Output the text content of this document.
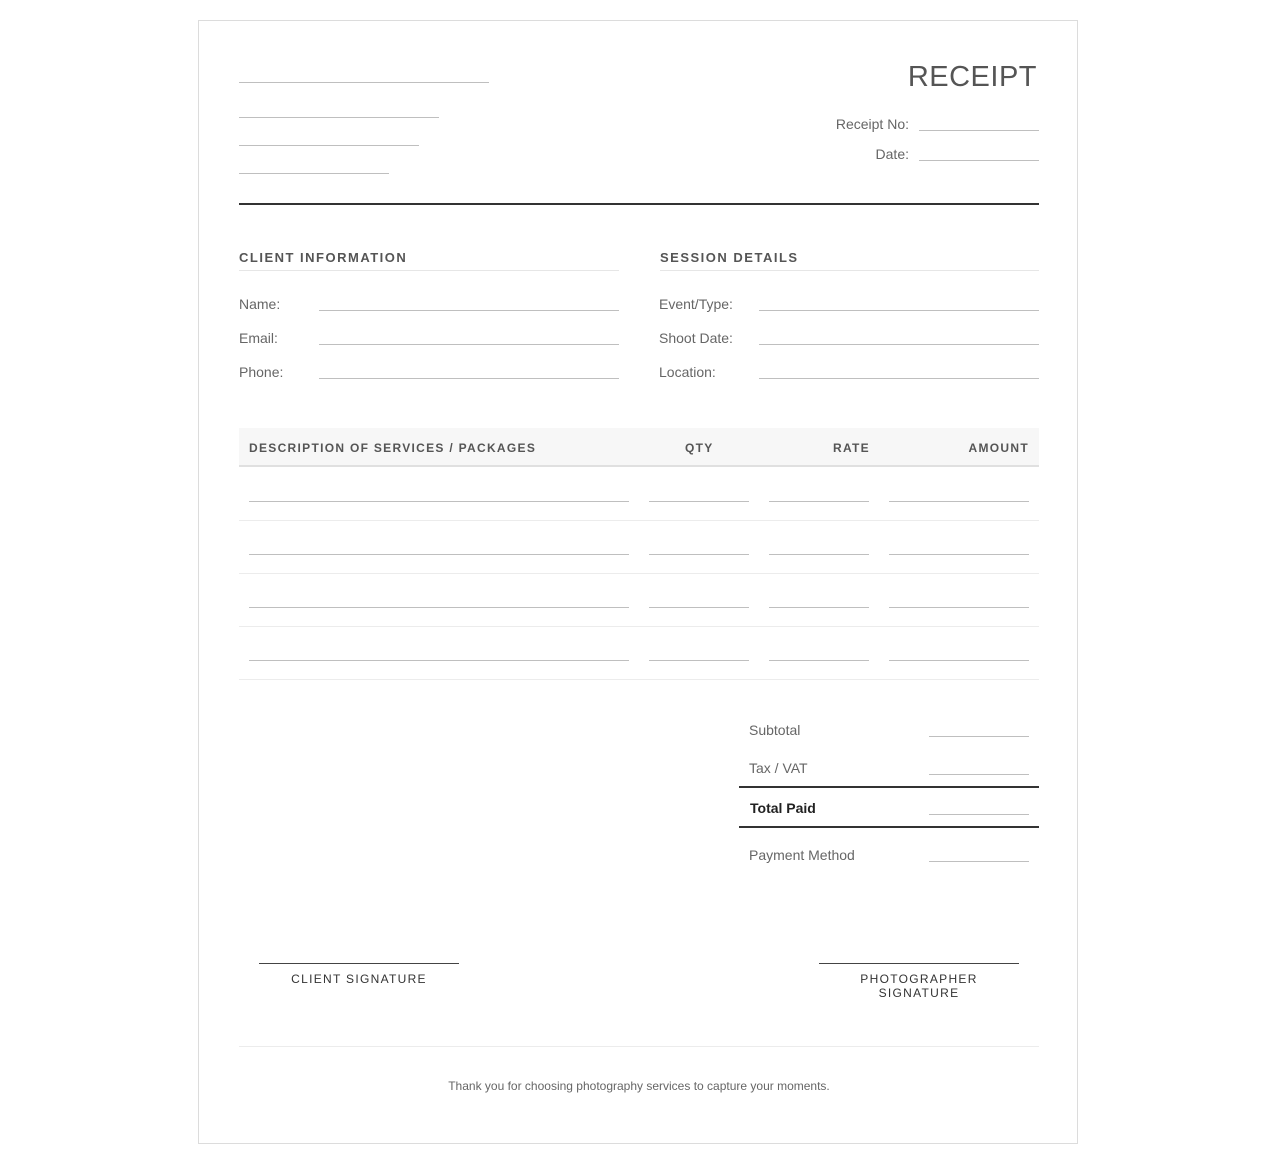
RECEIPT
Receipt No:
Date:
CLIENT INFORMATION
Name:
Email:
Phone:
SESSION DETAILS
Event/Type:
Shoot Date:
Location:
DESCRIPTION OF SERVICES / PACKAGES	QTY	RATE	AMOUNT
Subtotal
Tax / VAT
Total Paid
Payment Method
CLIENT SIGNATURE	PHOTOGRAPHER SIGNATURE
Thank you for choosing photography services to capture your moments.
